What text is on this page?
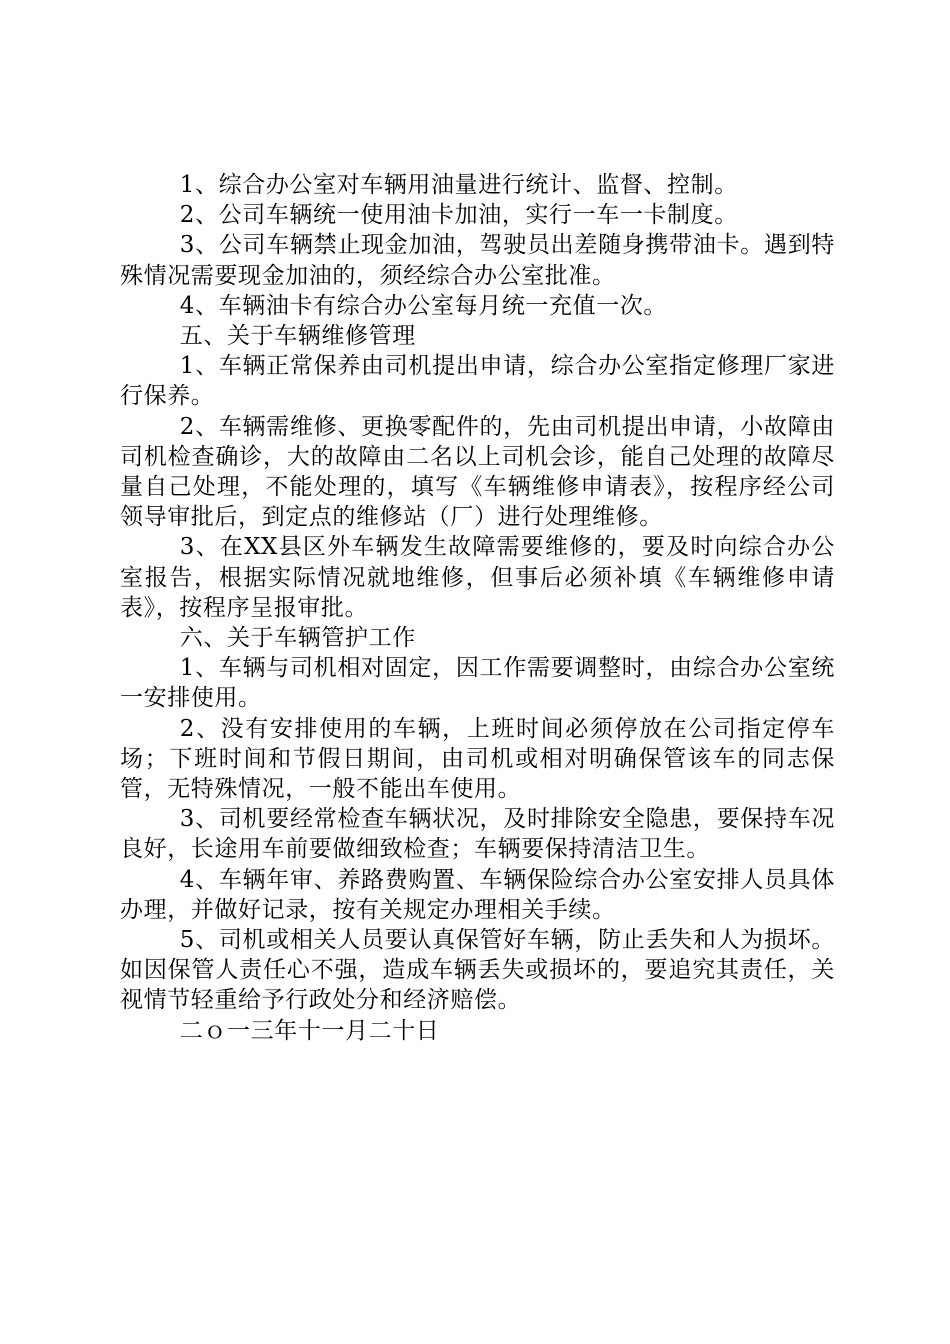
1、综合办公室对车辆用油量进行统计、监督、控制。

2、公司车辆统一使用油卡加油，实行一车一卡制度。

3、公司车辆禁止现金加油，驾驶员出差随身携带油卡。遇到特殊情况需要现金加油的，须经综合办公室批准。

4、车辆油卡有综合办公室每月统一充值一次。

五、关于车辆维修管理

1、车辆正常保养由司机提出申请，综合办公室指定修理厂家进行保养。

2、车辆需维修、更换零配件的，先由司机提出申请，小故障由司机检查确诊，大的故障由二名以上司机会诊，能自己处理的故障尽量自己处理，不能处理的，填写《车辆维修申请表》，按程序经公司领导审批后，到定点的维修站（厂）进行处理维修。

3、在XX县区外车辆发生故障需要维修的，要及时向综合办公室报告，根据实际情况就地维修，但事后必须补填《车辆维修申请表》，按程序呈报审批。

六、关于车辆管护工作

1、车辆与司机相对固定，因工作需要调整时，由综合办公室统一安排使用。

2、没有安排使用的车辆，上班时间必须停放在公司指定停车场；下班时间和节假日期间，由司机或相对明确保管该车的同志保管，无特殊情况，一般不能出车使用。

3、司机要经常检查车辆状况，及时排除安全隐患，要保持车况良好，长途用车前要做细致检查；车辆要保持清洁卫生。

4、车辆年审、养路费购置、车辆保险综合办公室安排人员具体办理，并做好记录，按有关规定办理相关手续。

5、司机或相关人员要认真保管好车辆，防止丢失和人为损坏。如因保管人责任心不强，造成车辆丢失或损坏的，要追究其责任，关视情节轻重给予行政处分和经济赔偿。

二ｏ一三年十一月二十日
